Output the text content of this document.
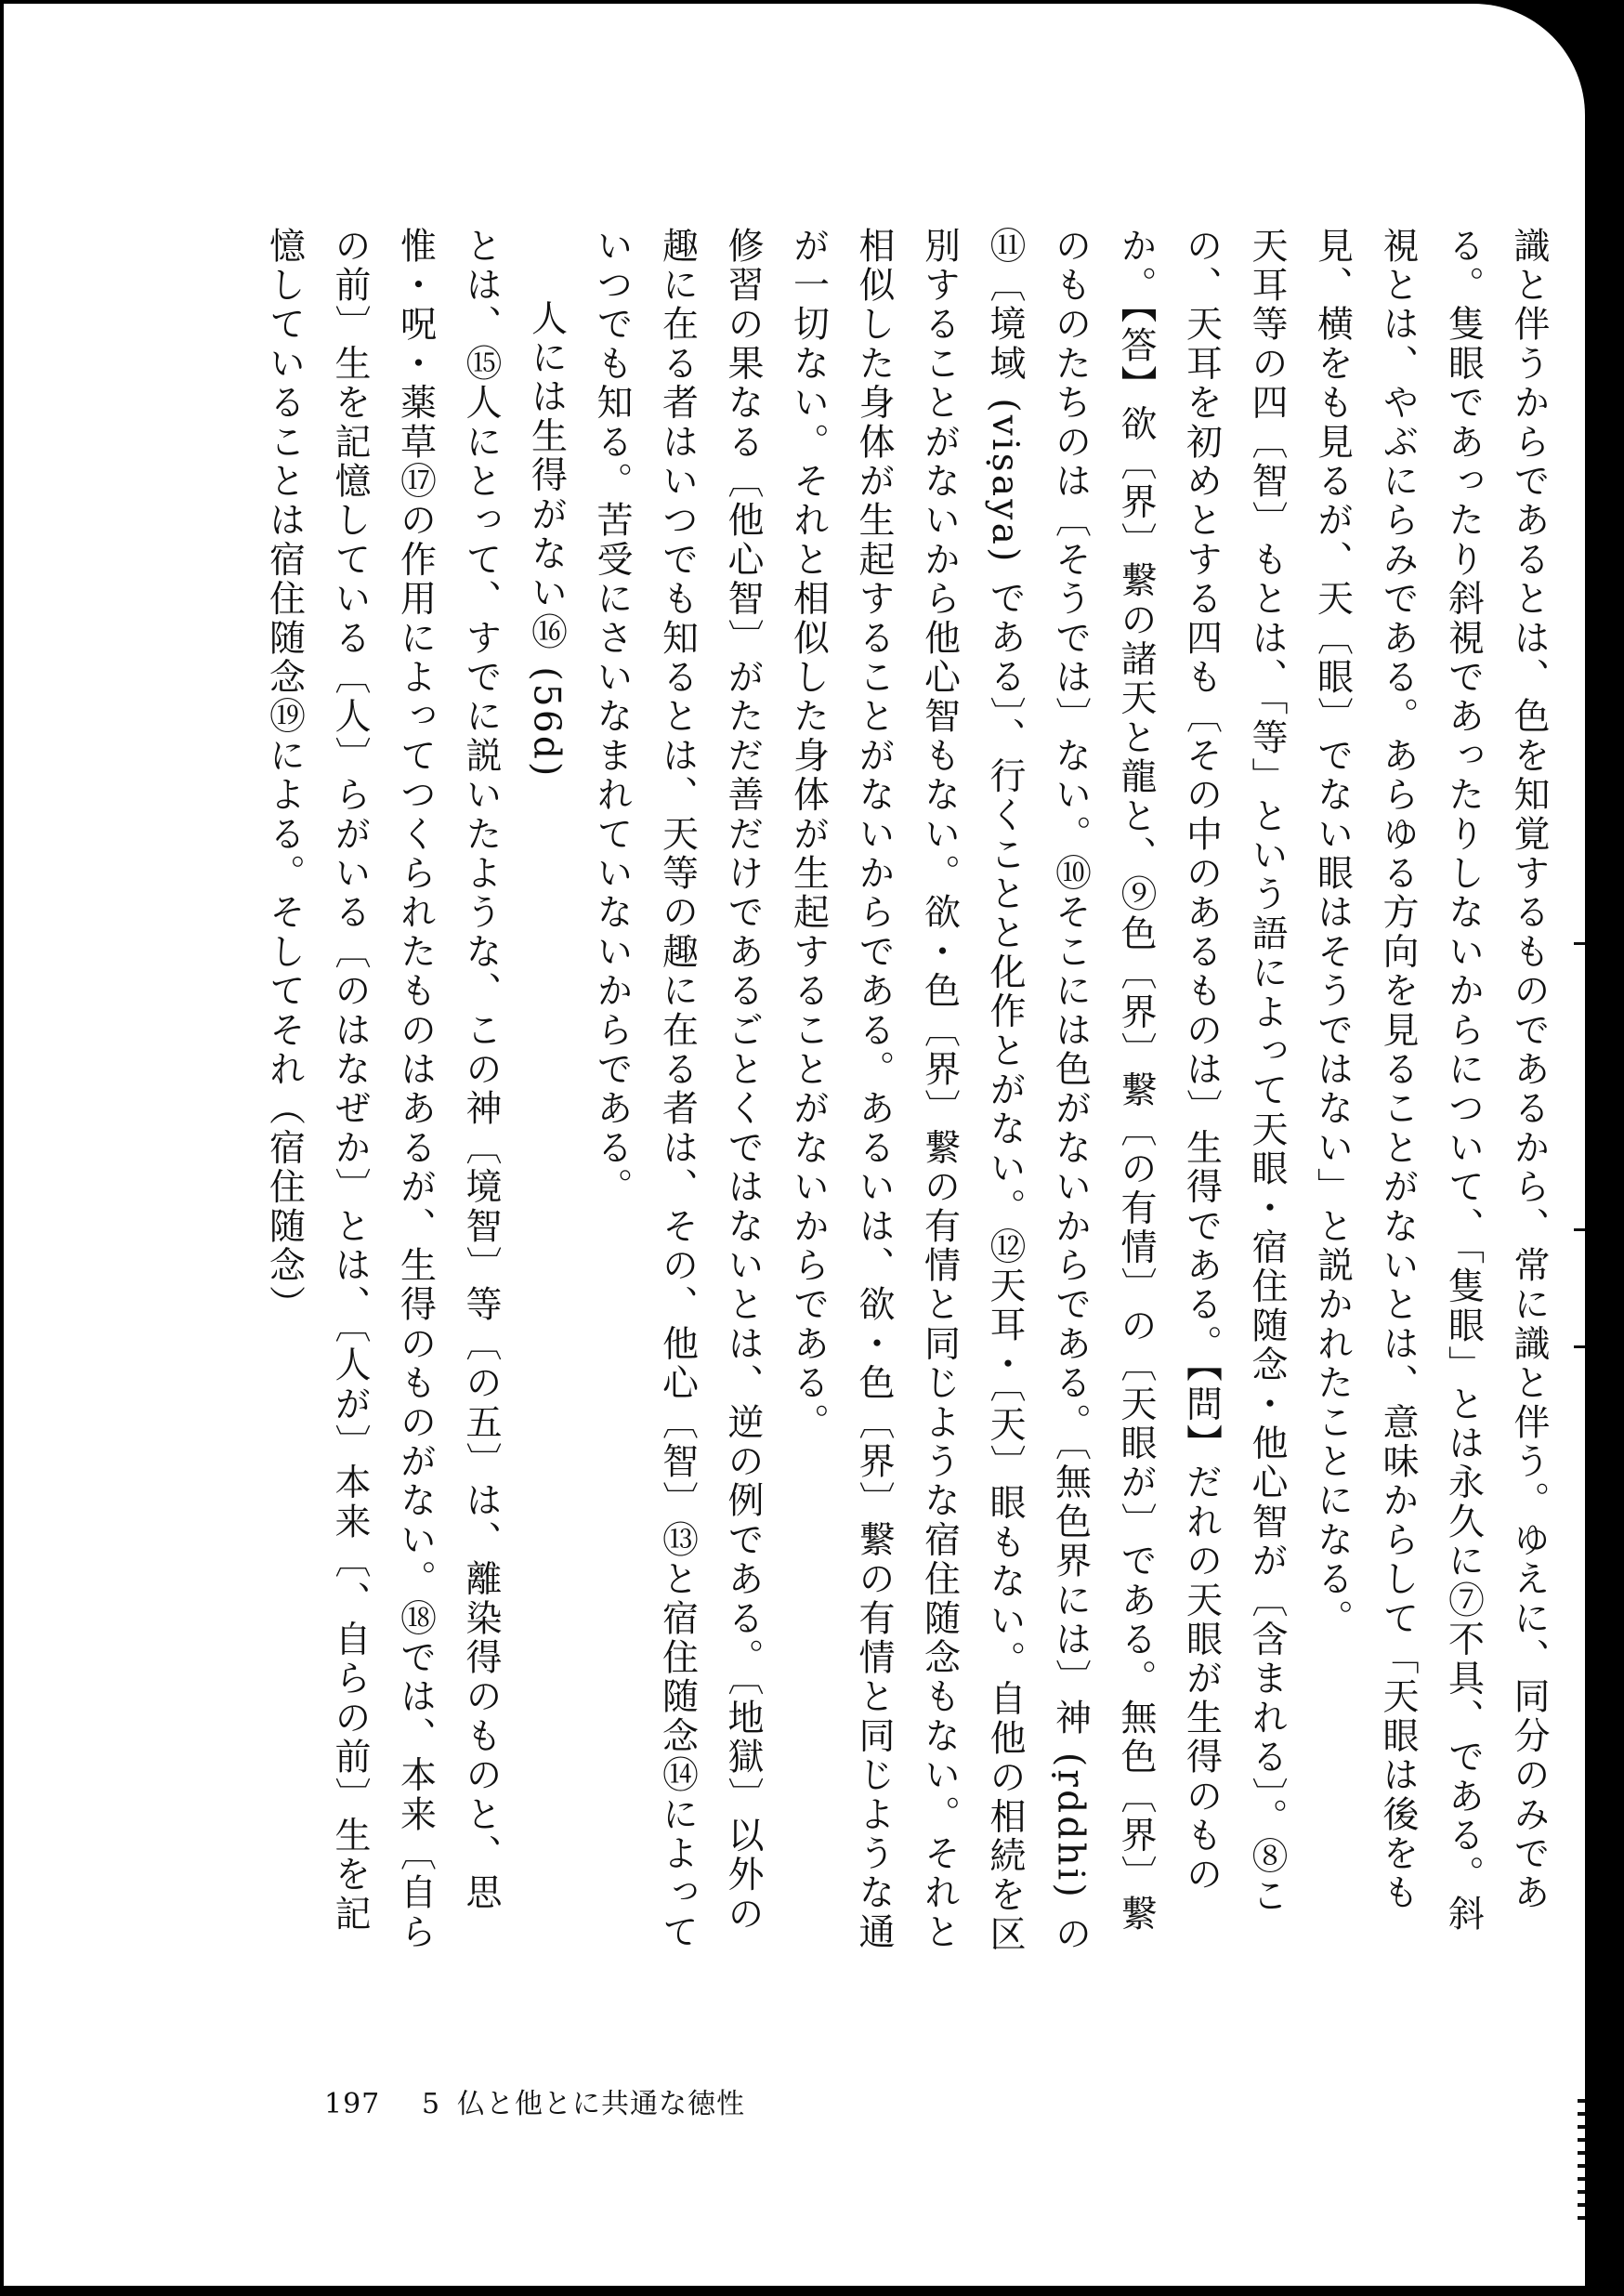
識と伴うからであるとは、色を知覚するものであるから、常に識と伴う。ゆえに、同分のみである。隻眼であったり斜視であったりしないからについて、「隻眼」とは永久に⑦不具、である。斜視とは、やぶにらみである。あらゆる方向を見ることがないとは、意味からして「天眼は後をも見、横をも見るが、天〔眼〕でない眼はそうではない」と説かれたことになる。

天耳等の四〔智〕もとは、「等」という語によって天眼・宿住随念・他心智が〔含まれる〕。⑧この、天耳を初めとする四も〔その中のあるものは〕生得である。【問】だれの天眼が生得のものか。【答】欲〔界〕繋の諸天と龍と、⑨色〔界〕繋〔の有情〕の〔天眼が〕である。無色〔界〕繋のものたちのは〔そうでは〕ない。⑩そこには色がないからである。〔無色界には〕神 (ṛddhi) の⑪〔境域 (viṣaya) である〕、行くことと化作とがない。⑫天耳・〔天〕眼もない。自他の相続を区別することがないから他心智もない。欲・色〔界〕繋の有情と同じような宿住随念もない。それと相似した身体が生起することがないからである。あるいは、欲・色〔界〕繋の有情と同じような通が一切ない。それと相似した身体が生起することがないからである。

修習の果なる〔他心智〕がただ善だけであるごとくではないとは、逆の例である。〔地獄〕以外の趣に在る者はいつでも知るとは、天等の趣に在る者は、その、他心〔智〕⑬と宿住随念⑭によっていつでも知る。苦受にさいなまれていないからである。

人には生得がない⑯ (56d)

とは、⑮人にとって、すでに説いたような、この神〔境智〕等〔の五〕は、離染得のものと、思惟・呪・薬草⑰の作用によってつくられたものはあるが、生得のものがない。⑱では、本来〔自らの前〕生を記憶している〔人〕らがいる〔のはなぜか〕とは、〔人が〕本来〔、自らの前〕生を記憶していることは宿住随念⑲による。そしてそれ（宿住随念）

197 5 仏と他とに共通な徳性
